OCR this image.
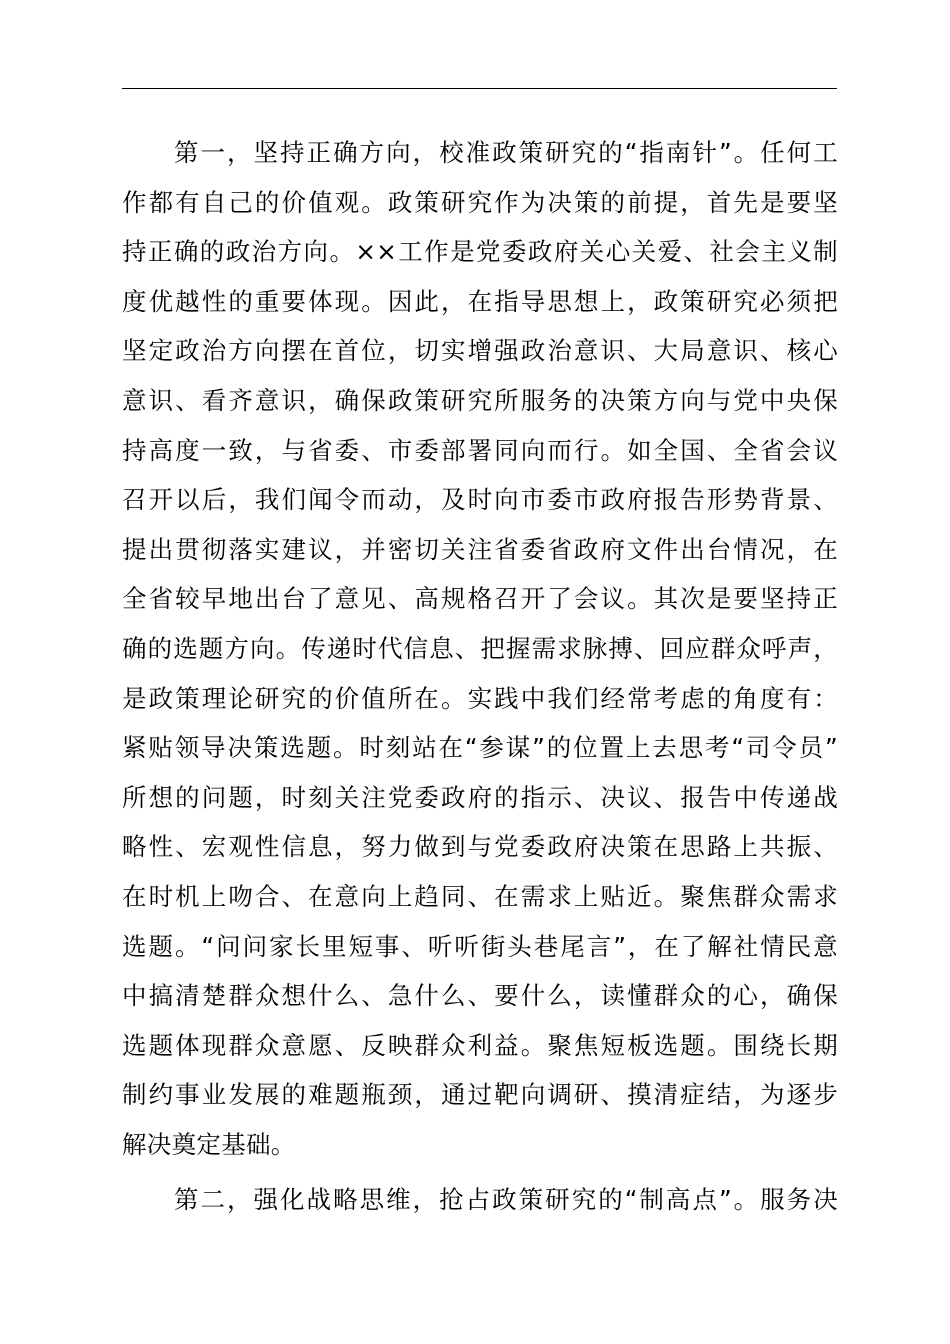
第一，坚持正确方向，校准政策研究的“指南针”。任何工
作都有自己的价值观。政策研究作为决策的前提，首先是要坚
持正确的政治方向。××工作是党委政府关心关爱、社会主义制
度优越性的重要体现。因此，在指导思想上，政策研究必须把
坚定政治方向摆在首位，切实增强政治意识、大局意识、核心
意识、看齐意识，确保政策研究所服务的决策方向与党中央保
持高度一致，与省委、市委部署同向而行。如全国、全省会议
召开以后，我们闻令而动，及时向市委市政府报告形势背景、
提出贯彻落实建议，并密切关注省委省政府文件出台情况，在
全省较早地出台了意见、高规格召开了会议。其次是要坚持正
确的选题方向。传递时代信息、把握需求脉搏、回应群众呼声，
是政策理论研究的价值所在。实践中我们经常考虑的角度有：
紧贴领导决策选题。时刻站在“参谋”的位置上去思考“司令员”
所想的问题，时刻关注党委政府的指示、决议、报告中传递战
略性、宏观性信息，努力做到与党委政府决策在思路上共振、
在时机上吻合、在意向上趋同、在需求上贴近。聚焦群众需求
选题。“问问家长里短事、听听街头巷尾言”，在了解社情民意
中搞清楚群众想什么、急什么、要什么，读懂群众的心，确保
选题体现群众意愿、反映群众利益。聚焦短板选题。围绕长期
制约事业发展的难题瓶颈，通过靶向调研、摸清症结，为逐步
解决奠定基础。
第二，强化战略思维，抢占政策研究的“制高点”。服务决
